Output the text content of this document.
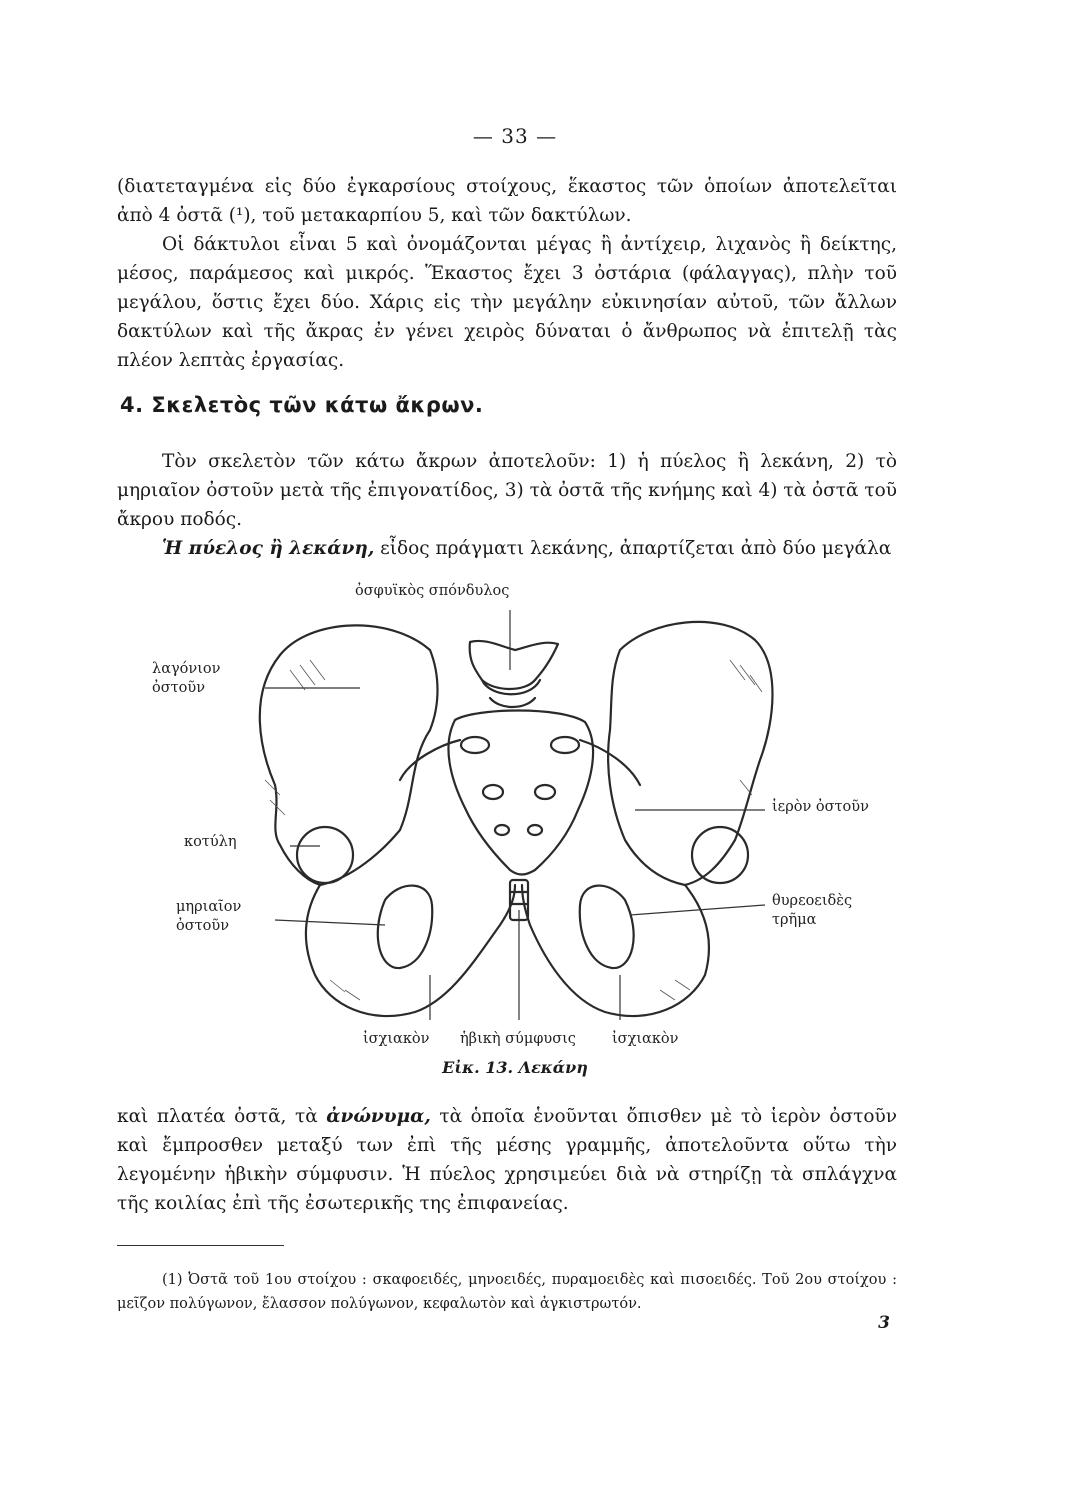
— 33 —

(διατεταγμένα εἰς δύο ἐγκαρσίους στοίχους, ἕκαστος τῶν ὁποίων ἀποτελεῖται ἀπὸ 4 ὀστᾶ (¹), τοῦ μετακαρπίου 5, καὶ τῶν δακτύλων.

Οἱ δάκτυλοι εἶναι 5 καὶ ὀνομάζονται μέγας ἢ ἀντίχειρ, λιχανὸς ἢ δείκτης, μέσος, παράμεσος καὶ μικρός. Ἕκαστος ἔχει 3 ὀστάρια (φάλαγγας), πλὴν τοῦ μεγάλου, ὅστις ἔχει δύο. Χάρις εἰς τὴν μεγάλην εὐκινησίαν αὐτοῦ, τῶν ἄλλων δακτύλων καὶ τῆς ἄκρας ἐν γένει χειρὸς δύναται ὁ ἄνθρωπος νὰ ἐπιτελῇ τὰς πλέον λεπτὰς ἐργασίας.

4. Σκελετὸς τῶν κάτω ἄκρων.

Τὸν σκελετὸν τῶν κάτω ἄκρων ἀποτελοῦν: 1) ἡ πύελος ἢ λεκάνη, 2) τὸ μηριαῖον ὀστοῦν μετὰ τῆς ἐπιγονατίδος, 3) τὰ ὀστᾶ τῆς κνήμης καὶ 4) τὰ ὀστᾶ τοῦ ἄκρου ποδός.

Ἡ πύελος ἢ λεκάνη, εἶδος πράγματι λεκάνης, ἀπαρτίζεται ἀπὸ δύο μεγάλα

ὀσφυϊκὸς σπόνδυλος
λαγόνιον
ὀστοῦν
κοτύλη
μηριαῖον
ὀστοῦν
ἱερὸν ὀστοῦν
θυρεοειδὲς
τρῆμα
ἰσχιακὸν ἡβικὴ σύμφυσις ἰσχιακὸν
Εἰκ. 13. Λεκάνη

καὶ πλατέα ὀστᾶ, τὰ ἀνώνυμα, τὰ ὁποῖα ἑνοῦνται ὄπισθεν μὲ τὸ ἱερὸν ὀστοῦν καὶ ἔμπροσθεν μεταξύ των ἐπὶ τῆς μέσης γραμμῆς, ἀποτελοῦντα οὕτω τὴν λεγομένην ἡβικὴν σύμφυσιν. Ἡ πύελος χρησιμεύει διὰ νὰ στηρίζῃ τὰ σπλάγχνα τῆς κοιλίας ἐπὶ τῆς ἐσωτερικῆς της ἐπιφανείας.

(1) Ὀστᾶ τοῦ 1ου στοίχου : σκαφοειδές, μηνοειδές, πυραμοειδὲς καὶ πισοειδές. Τοῦ 2ου στοίχου : μεῖζον πολύγωνον, ἔλασσον πολύγωνον, κεφαλωτὸν καὶ ἀγκιστρωτόν.

3
